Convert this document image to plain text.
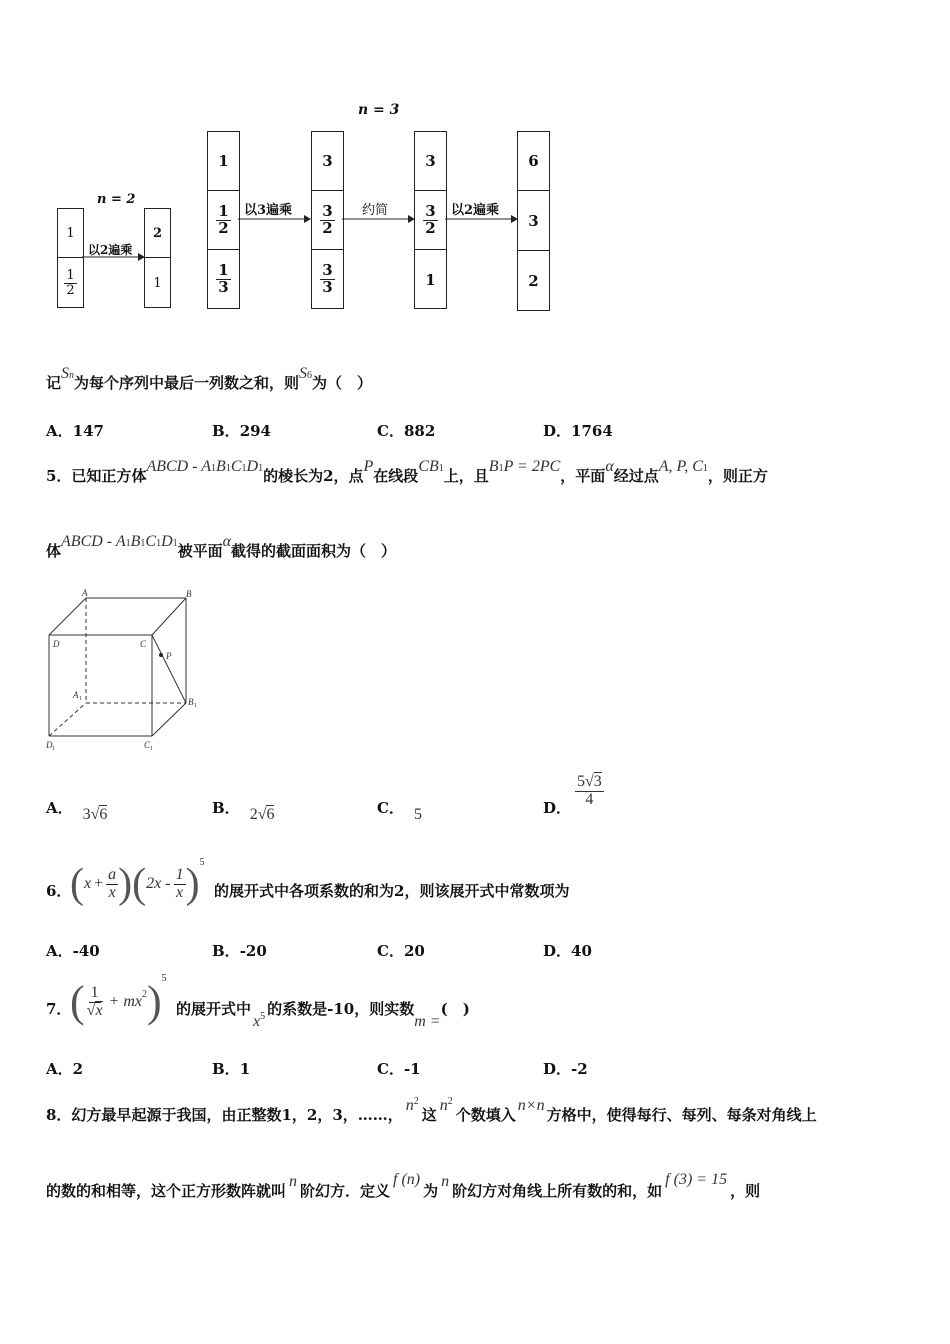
n = 3
n = 2
1
$\frac{1}{2}$
以2遍乘
2
1
1
$\frac{1}{2}$
$\frac{1}{3}$
以3遍乘
3
$\frac{3}{2}$
$\frac{3}{3}$
约简
3
$\frac{3}{2}$
1
以2遍乘
6
3
2
记Sn为每个序列中最后一列数之和，则S6为（　）
A．147	B．294	C．882	D．1764
5．已知正方体ABCD - A1B1C1D1的棱长为2，点P在线段CB1上，且B1P = 2PC，平面α经过点A, P, C1，则正方
体ABCD - A1B1C1D1被平面α截得的截面面积为（　）
A	B
C
D
P
A 1	B 1
C 1
D 1
A． 3√6	B． 2√6	C． 5	D． $\frac{5√3}{4}$
6．
( $x + \frac{a}{x}$ ) ( $2x - \frac{1}{x}$ ) 5
的展开式中各项系数的和为2，则该展开式中常数项为
A．-40	B．-20	C．20	D．40
7．
( $\frac{1}{√x}$ + mx 2 ) 5
的展开式中$x^5$ 的系数是-10，则实数m =(　)
A．2	B．1	C．-1	D．-2
8．幻方最早起源于我国，由正整数1，2，3，……，$n^2$这$n^2$个数填入n×n方格中，使得每行、每列、每条对角线上
的数的和相等，这个正方形数阵就叫n阶幻方．定义f (n)为n阶幻方对角线上所有数的和，如f (3) = 15，则
